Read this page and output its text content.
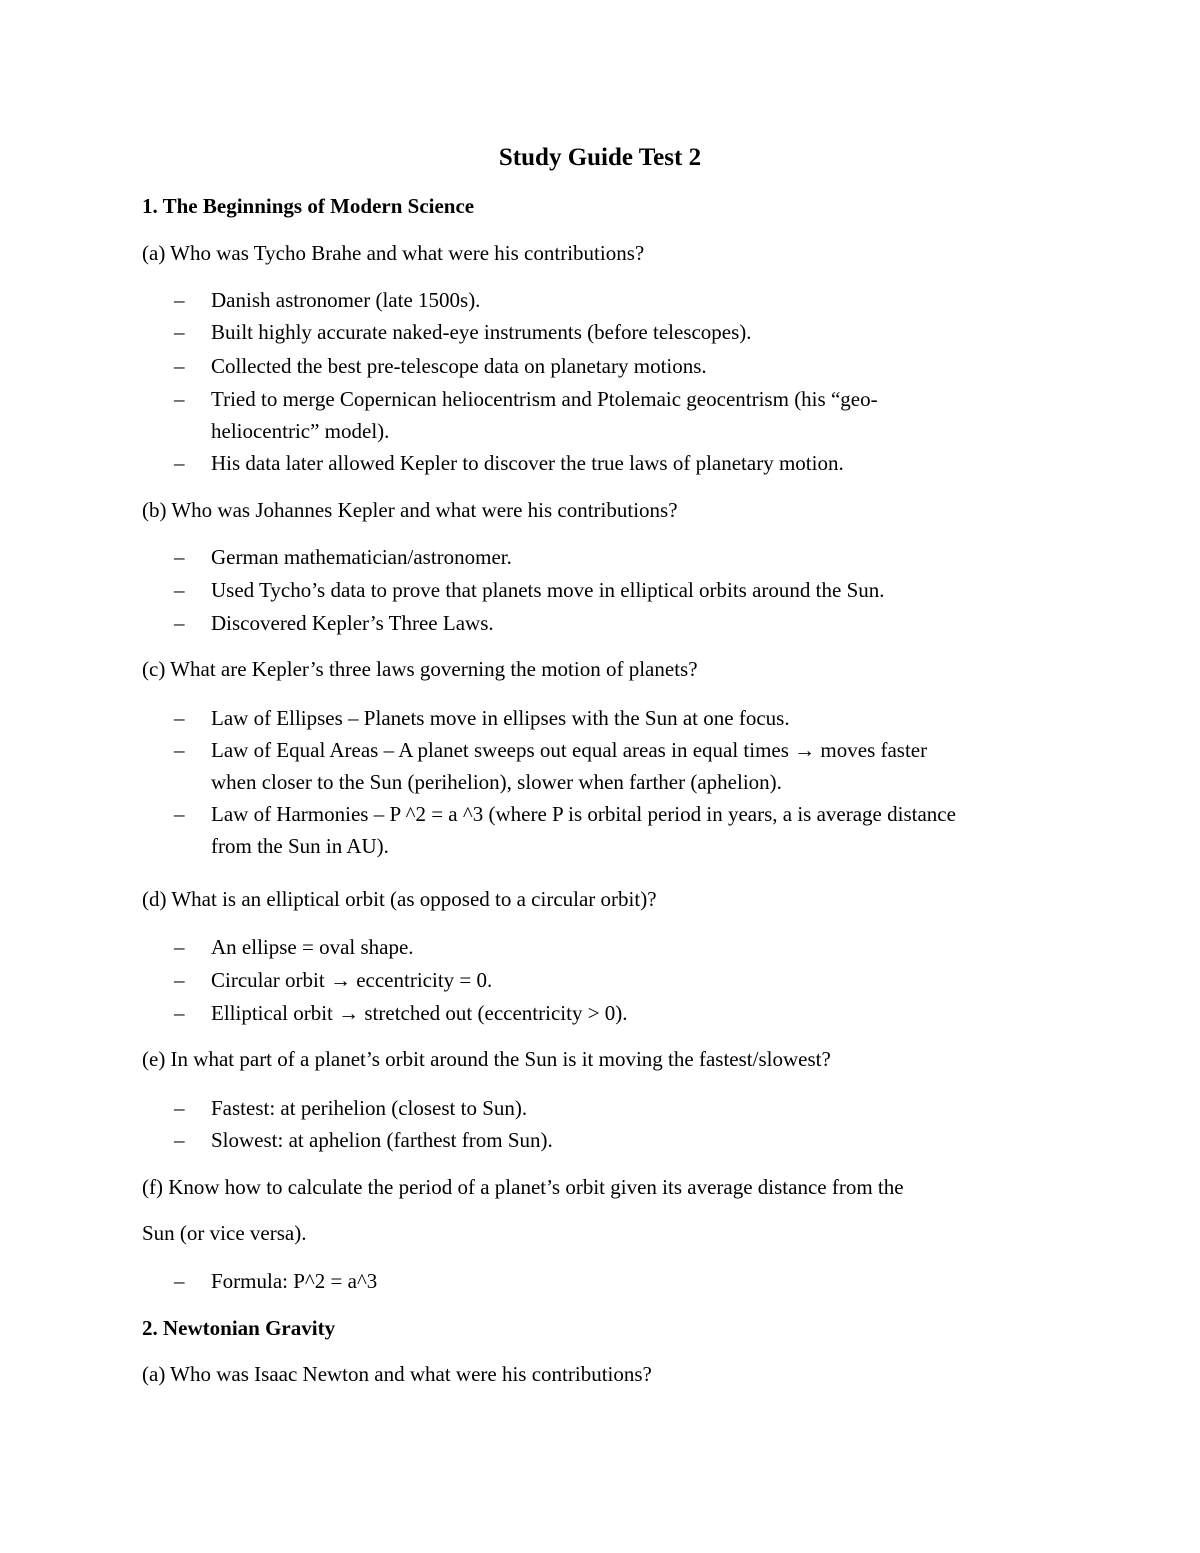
Study Guide Test 2
1. The Beginnings of Modern Science
(a) Who was Tycho Brahe and what were his contributions?
– Danish astronomer (late 1500s).
– Built highly accurate naked-eye instruments (before telescopes).
– Collected the best pre-telescope data on planetary motions.
– Tried to merge Copernican heliocentrism and Ptolemaic geocentrism (his “geo-
heliocentric” model).
– His data later allowed Kepler to discover the true laws of planetary motion.
(b) Who was Johannes Kepler and what were his contributions?
– German mathematician/astronomer.
– Used Tycho’s data to prove that planets move in elliptical orbits around the Sun.
– Discovered Kepler’s Three Laws.
(c) What are Kepler’s three laws governing the motion of planets?
– Law of Ellipses – Planets move in ellipses with the Sun at one focus.
– Law of Equal Areas – A planet sweeps out equal areas in equal times → moves faster
when closer to the Sun (perihelion), slower when farther (aphelion).
– Law of Harmonies – P ^2 = a ^3 (where P is orbital period in years, a is average distance
from the Sun in AU).
(d) What is an elliptical orbit (as opposed to a circular orbit)?
– An ellipse = oval shape.
– Circular orbit → eccentricity = 0.
– Elliptical orbit → stretched out (eccentricity > 0).
(e) In what part of a planet’s orbit around the Sun is it moving the fastest/slowest?
– Fastest: at perihelion (closest to Sun).
– Slowest: at aphelion (farthest from Sun).
(f) Know how to calculate the period of a planet’s orbit given its average distance from the
Sun (or vice versa).
– Formula: P^2 = a^3
2. Newtonian Gravity
(a) Who was Isaac Newton and what were his contributions?
